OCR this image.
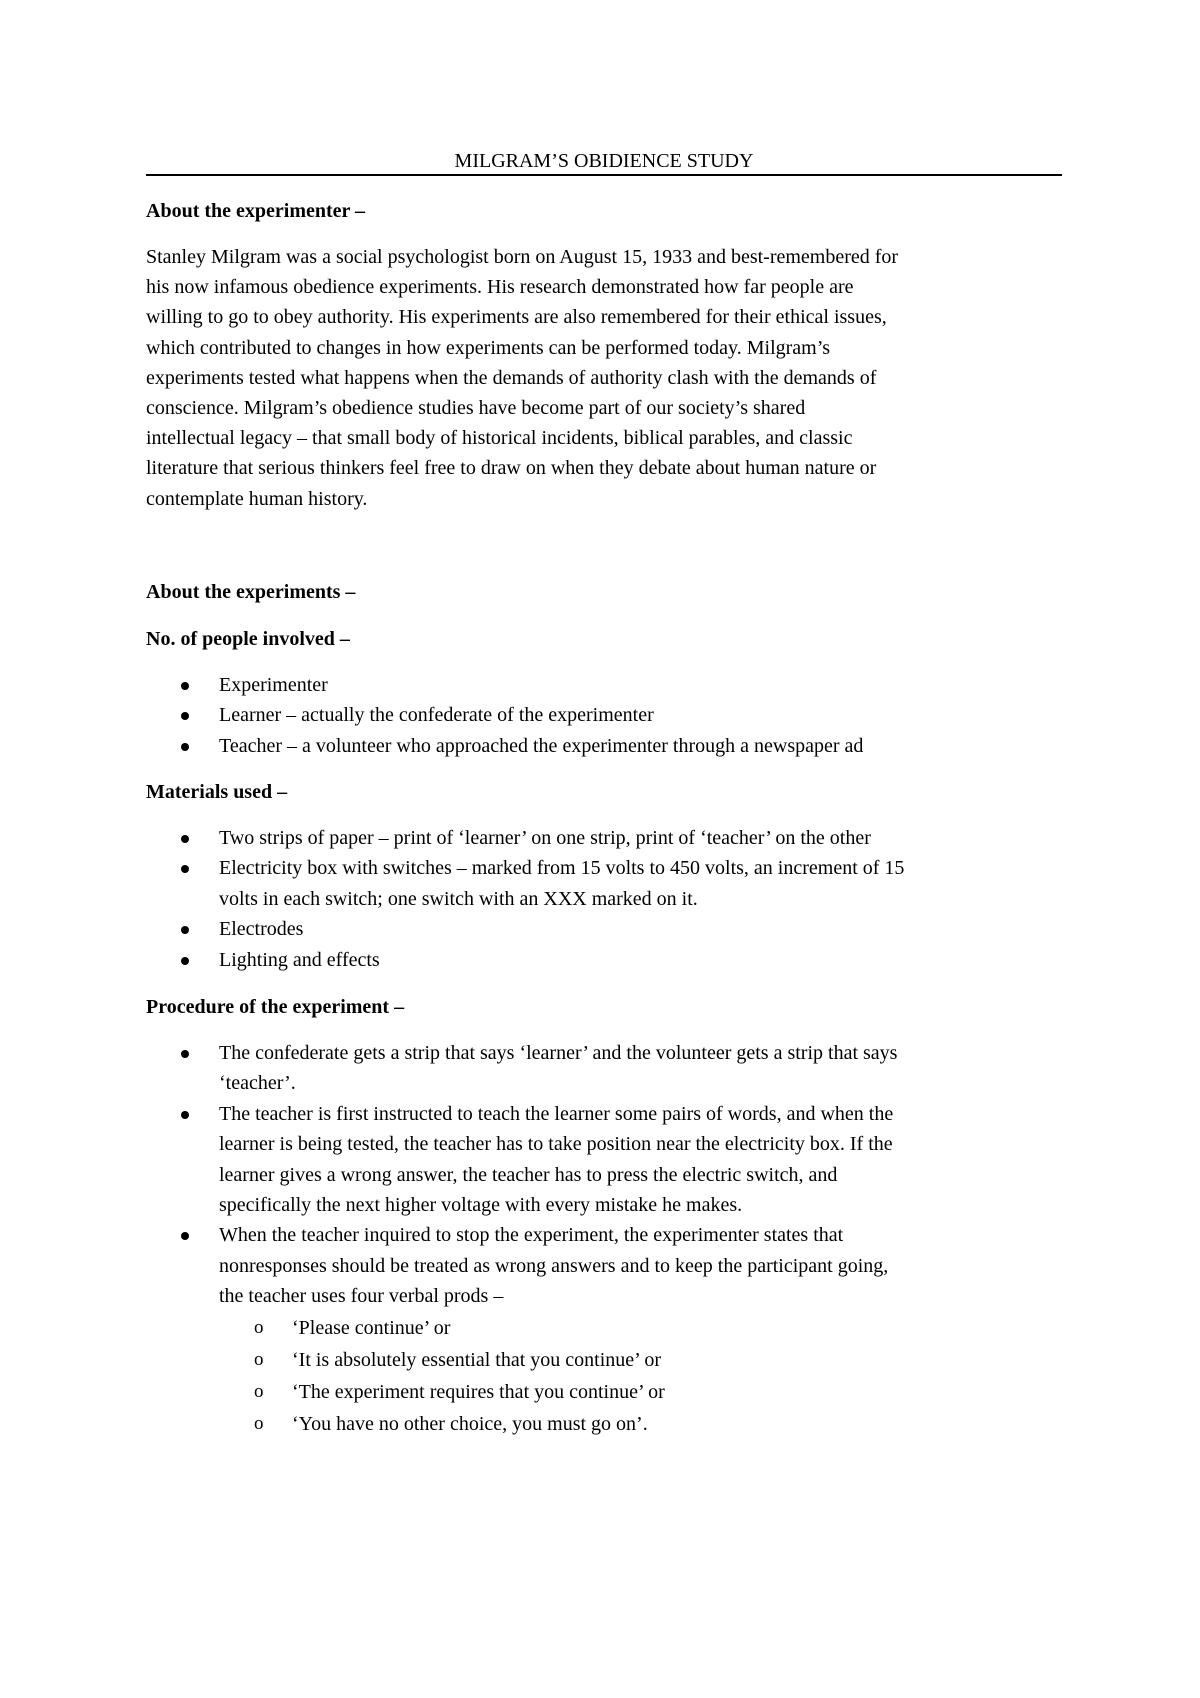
MILGRAM’S OBIDIENCE STUDY
About the experimenter –
Stanley Milgram was a social psychologist born on August 15, 1933 and best-remembered for
his now infamous obedience experiments. His research demonstrated how far people are
willing to go to obey authority. His experiments are also remembered for their ethical issues,
which contributed to changes in how experiments can be performed today. Milgram’s
experiments tested what happens when the demands of authority clash with the demands of
conscience. Milgram’s obedience studies have become part of our society’s shared
intellectual legacy – that small body of historical incidents, biblical parables, and classic
literature that serious thinkers feel free to draw on when they debate about human nature or
contemplate human history.
About the experiments –
No. of people involved –
Experimenter
Learner – actually the confederate of the experimenter
Teacher – a volunteer who approached the experimenter through a newspaper ad
Materials used –
Two strips of paper – print of ‘learner’ on one strip, print of ‘teacher’ on the other
Electricity box with switches – marked from 15 volts to 450 volts, an increment of 15
volts in each switch; one switch with an XXX marked on it.
Electrodes
Lighting and effects
Procedure of the experiment –
The confederate gets a strip that says ‘learner’ and the volunteer gets a strip that says
‘teacher’.
The teacher is first instructed to teach the learner some pairs of words, and when the
learner is being tested, the teacher has to take position near the electricity box. If the
learner gives a wrong answer, the teacher has to press the electric switch, and
specifically the next higher voltage with every mistake he makes.
When the teacher inquired to stop the experiment, the experimenter states that
nonresponses should be treated as wrong answers and to keep the participant going,
the teacher uses four verbal prods –
o ‘Please continue’ or
o ‘It is absolutely essential that you continue’ or
o ‘The experiment requires that you continue’ or
o ‘You have no other choice, you must go on’.
